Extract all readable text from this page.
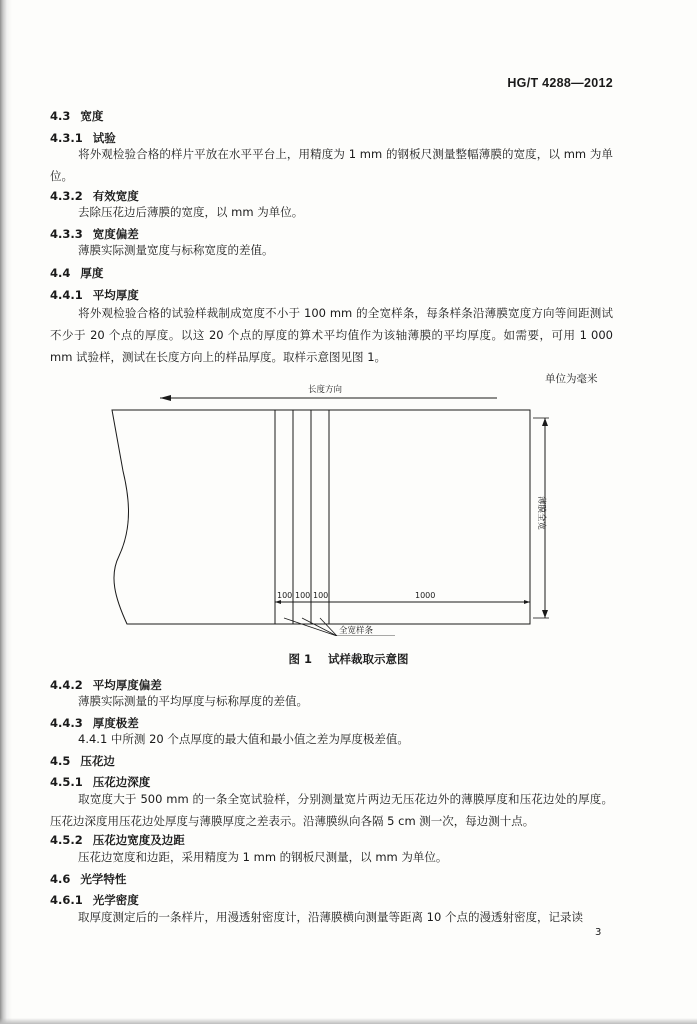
HG/T 4288—2012
4.3 宽度
4.3.1 试验
将外观检验合格的样片平放在水平平台上，用精度为 1 mm 的钢板尺测量整幅薄膜的宽度，以 mm 为单位。
4.3.2 有效宽度
去除压花边后薄膜的宽度，以 mm 为单位。
4.3.3 宽度偏差
薄膜实际测量宽度与标称宽度的差值。
4.4 厚度
4.4.1 平均厚度
将外观检验合格的试验样裁制成宽度不小于 100 mm 的全宽样条，每条样条沿薄膜宽度方向等间距测试不少于 20 个点的厚度。以这 20 个点的厚度的算术平均值作为该轴薄膜的平均厚度。如需要，可用 1 000 mm 试验样，测试在长度方向上的样品厚度。取样示意图见图 1。
单位为毫米
长度方向
薄膜全宽
100 100 100	1000
全宽样条
图 1 试样裁取示意图
4.4.2 平均厚度偏差
薄膜实际测量的平均厚度与标称厚度的差值。
4.4.3 厚度极差
4.4.1 中所测 20 个点厚度的最大值和最小值之差为厚度极差值。
4.5 压花边
4.5.1 压花边深度
取宽度大于 500 mm 的一条全宽试验样，分别测量宽片两边无压花边外的薄膜厚度和压花边处的厚度。压花边深度用压花边处厚度与薄膜厚度之差表示。沿薄膜纵向各隔 5 cm 测一次，每边测十点。
4.5.2 压花边宽度及边距
压花边宽度和边距，采用精度为 1 mm 的钢板尺测量，以 mm 为单位。
4.6 光学特性
4.6.1 光学密度
取厚度测定后的一条样片，用漫透射密度计，沿薄膜横向测量等距离 10 个点的漫透射密度，记录读
3
